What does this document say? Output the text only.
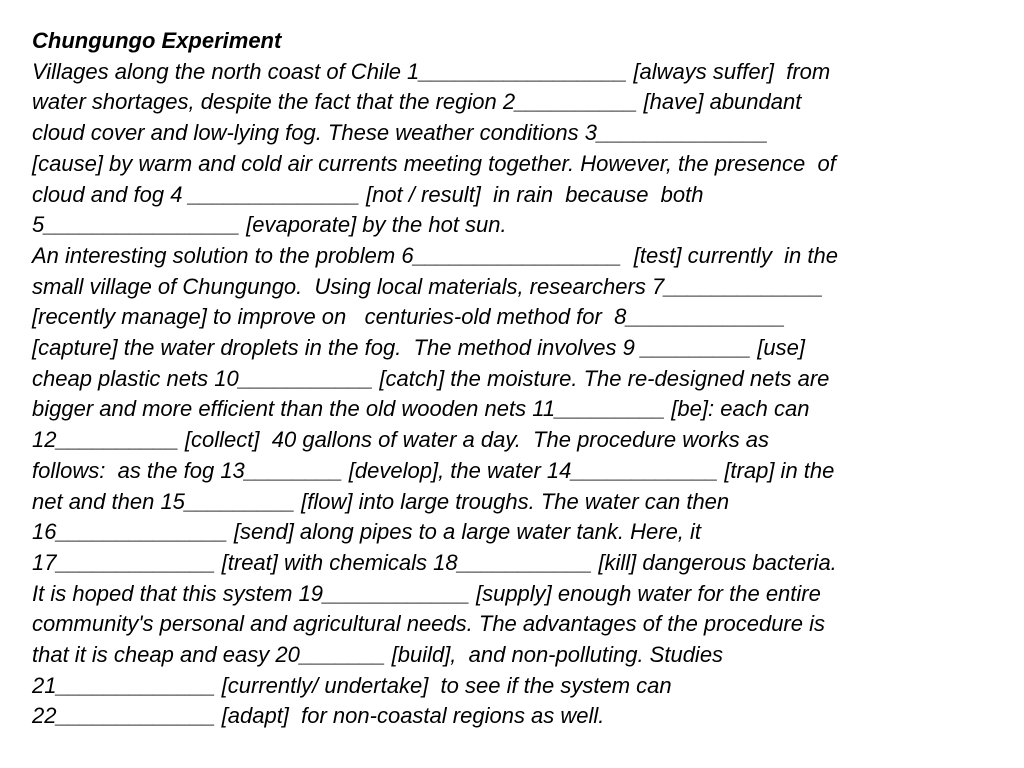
Chungungo Experiment
Villages along the north coast of Chile 1_________________ [always suffer]  from
water shortages, despite the fact that the region 2__________ [have] abundant
cloud cover and low-lying fog. These weather conditions 3______________
[cause] by warm and cold air currents meeting together. However, the presence  of
cloud and fog 4 ______________ [not / result]  in rain  because  both
5________________ [evaporate] by the hot sun.
An interesting solution to the problem 6_________________  [test] currently  in the
small village of Chungungo.  Using local materials, researchers 7_____________
[recently manage] to improve on   centuries-old method for  8_____________
[capture] the water droplets in the fog.  The method involves 9 _________ [use]
cheap plastic nets 10___________ [catch] the moisture. The re-designed nets are
bigger and more efficient than the old wooden nets 11_________ [be]: each can
12__________ [collect]  40 gallons of water a day.  The procedure works as
follows:  as the fog 13________ [develop], the water 14____________ [trap] in the
net and then 15_________ [flow] into large troughs. The water can then
16______________ [send] along pipes to a large water tank. Here, it
17_____________ [treat] with chemicals 18___________ [kill] dangerous bacteria.
It is hoped that this system 19____________ [supply] enough water for the entire
community's personal and agricultural needs. The advantages of the procedure is
that it is cheap and easy 20_______ [build],  and non-polluting. Studies
21_____________ [currently/ undertake]  to see if the system can
22_____________ [adapt]  for non-coastal regions as well.
